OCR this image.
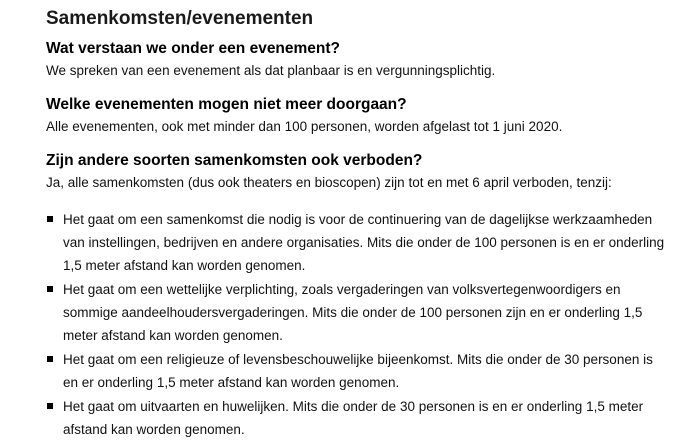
Samenkomsten/evenementen
Wat verstaan we onder een evenement?

We spreken van een evenement als dat planbaar is en vergunningsplichtig.

Welke evenementen mogen niet meer doorgaan?

Alle evenementen, ook met minder dan 100 personen, worden afgelast tot 1 juni 2020.

Zijn andere soorten samenkomsten ook verboden?

Ja, alle samenkomsten (dus ook theaters en bioscopen) zijn tot en met 6 april verboden, tenzij:

Het gaat om een samenkomst die nodig is voor de continuering van de dagelijkse werkzaamheden van instellingen, bedrijven en andere organisaties. Mits die onder de 100 personen is en er onderling 1,5 meter afstand kan worden genomen.
Het gaat om een wettelijke verplichting, zoals vergaderingen van volksvertegenwoordigers en sommige aandeelhoudersvergaderingen. Mits die onder de 100 personen zijn en er onderling 1,5 meter afstand kan worden genomen.
Het gaat om een religieuze of levensbeschouwelijke bijeenkomst. Mits die onder de 30 personen is en er onderling 1,5 meter afstand kan worden genomen.
Het gaat om uitvaarten en huwelijken. Mits die onder de 30 personen is en er onderling 1,5 meter afstand kan worden genomen.
